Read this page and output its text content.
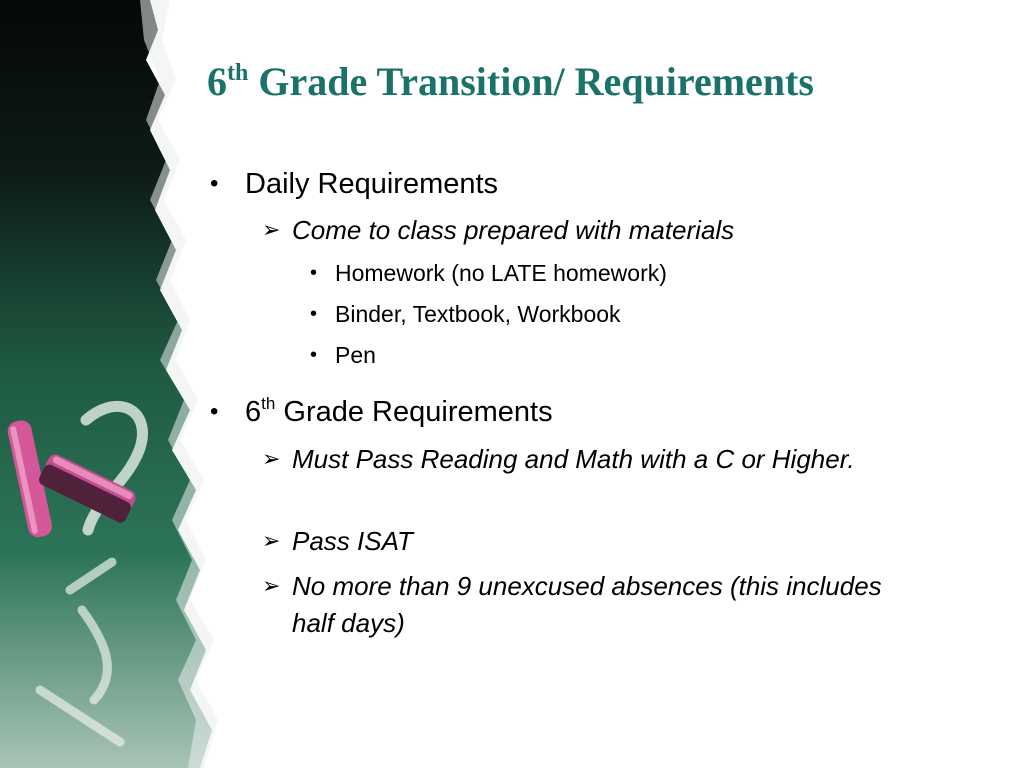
6th Grade Transition/ Requirements
• Daily Requirements
➢ Come to class prepared with materials
• Homework (no LATE homework)
• Binder, Textbook, Workbook
• Pen
• 6th Grade Requirements
➢ Must Pass Reading and Math with a C or Higher.
➢ Pass ISAT
➢ No more than 9 unexcused absences (this includes half days)
